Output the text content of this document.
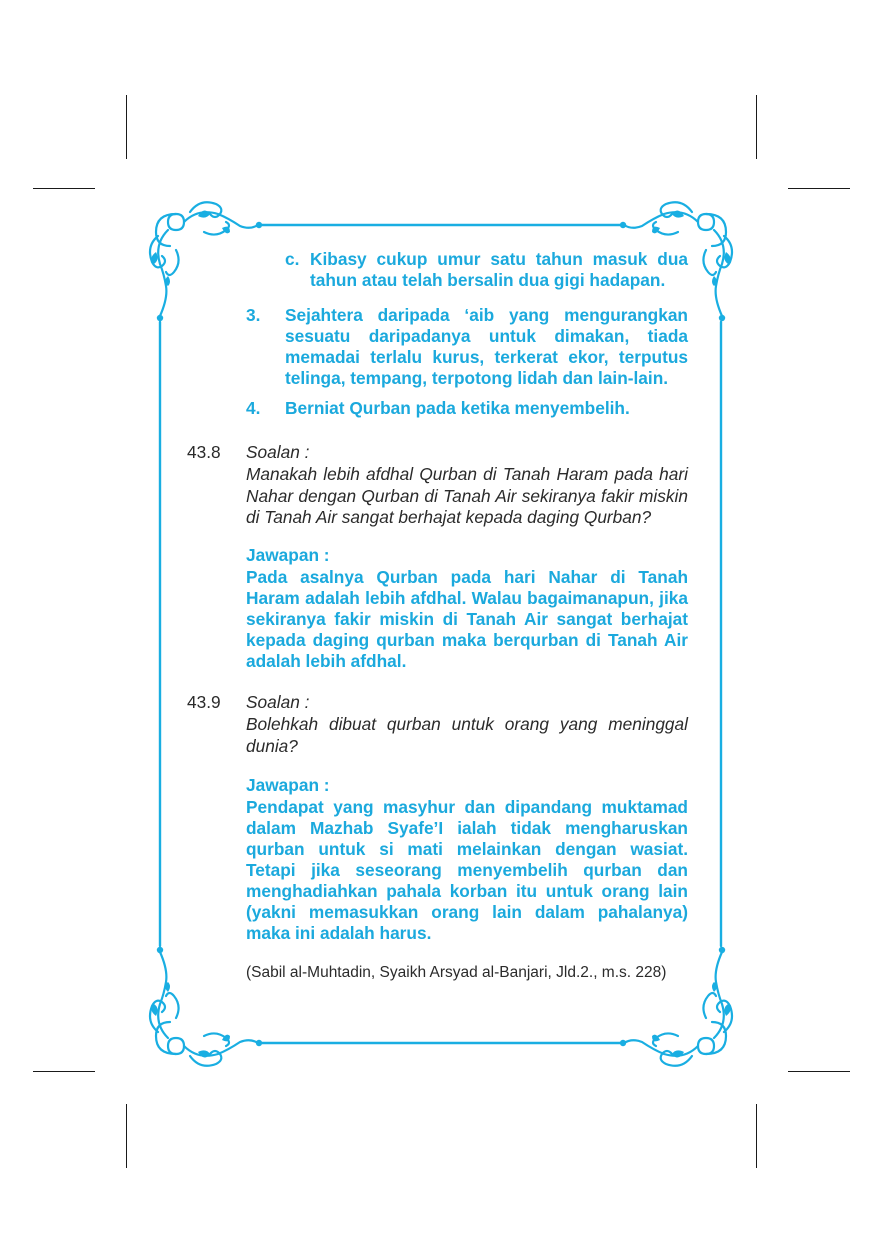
c. Kibasy cukup umur satu tahun masuk dua tahun atau telah bersalin dua gigi hadapan.
3. Sejahtera daripada ‘aib yang mengurangkan sesuatu daripadanya untuk dimakan, tiada memadai terlalu kurus, terkerat ekor, terputus telinga, tempang, terpotong lidah dan lain-lain.
4. Berniat Qurban pada ketika menyembelih.
43.8 Soalan :
Manakah lebih afdhal Qurban di Tanah Haram pada hari Nahar dengan Qurban di Tanah Air sekiranya fakir miskin di Tanah Air sangat berhajat kepada daging Qurban?
Jawapan :
Pada asalnya Qurban pada hari Nahar di Tanah Haram adalah lebih afdhal. Walau bagaimanapun, jika sekiranya fakir miskin di Tanah Air sangat berhajat kepada daging qurban maka berqurban di Tanah Air adalah lebih afdhal.
43.9 Soalan :
Bolehkah dibuat qurban untuk orang yang meninggal dunia?
Jawapan :
Pendapat yang masyhur dan dipandang muktamad dalam Mazhab Syafe’I ialah tidak mengharuskan qurban untuk si mati melainkan dengan wasiat. Tetapi jika seseorang menyembelih qurban dan menghadiahkan pahala korban itu untuk orang lain (yakni memasukkan orang lain dalam pahalanya) maka ini adalah harus.
(Sabil al-Muhtadin, Syaikh Arsyad al-Banjari, Jld.2., m.s. 228)
